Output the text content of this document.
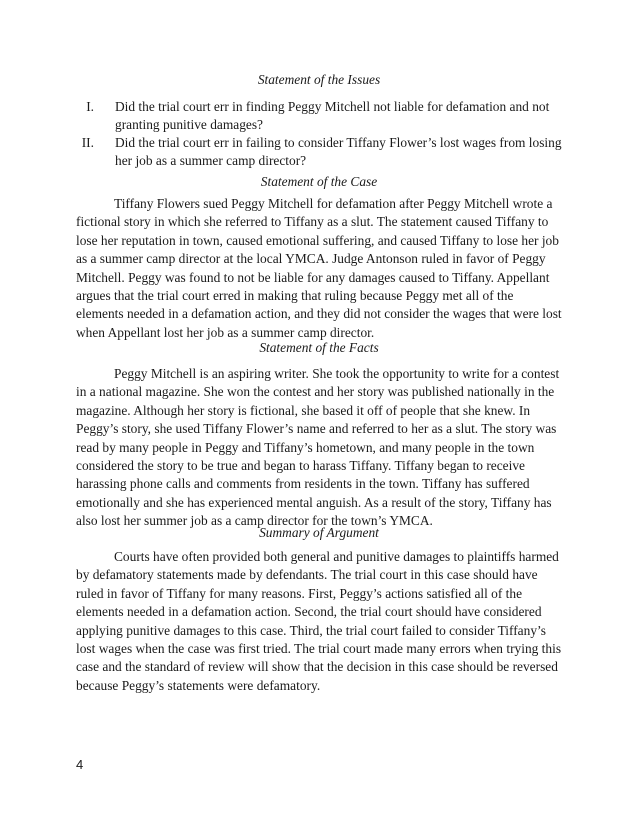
Statement of the Issues
I. Did the trial court err in finding Peggy Mitchell not liable for defamation and not granting punitive damages?
II. Did the trial court err in failing to consider Tiffany Flower’s lost wages from losing her job as a summer camp director?
Statement of the Case
Tiffany Flowers sued Peggy Mitchell for defamation after Peggy Mitchell wrote a fictional story in which she referred to Tiffany as a slut. The statement caused Tiffany to lose her reputation in town, caused emotional suffering, and caused Tiffany to lose her job as a summer camp director at the local YMCA. Judge Antonson ruled in favor of Peggy Mitchell. Peggy was found to not be liable for any damages caused to Tiffany. Appellant argues that the trial court erred in making that ruling because Peggy met all of the elements needed in a defamation action, and they did not consider the wages that were lost when Appellant lost her job as a summer camp director.
Statement of the Facts
Peggy Mitchell is an aspiring writer. She took the opportunity to write for a contest in a national magazine. She won the contest and her story was published nationally in the magazine. Although her story is fictional, she based it off of people that she knew. In Peggy’s story, she used Tiffany Flower’s name and referred to her as a slut. The story was read by many people in Peggy and Tiffany’s hometown, and many people in the town considered the story to be true and began to harass Tiffany. Tiffany began to receive harassing phone calls and comments from residents in the town. Tiffany has suffered emotionally and she has experienced mental anguish. As a result of the story, Tiffany has also lost her summer job as a camp director for the town’s YMCA.
Summary of Argument
Courts have often provided both general and punitive damages to plaintiffs harmed by defamatory statements made by defendants. The trial court in this case should have ruled in favor of Tiffany for many reasons. First, Peggy’s actions satisfied all of the elements needed in a defamation action. Second, the trial court should have considered applying punitive damages to this case. Third, the trial court failed to consider Tiffany’s lost wages when the case was first tried. The trial court made many errors when trying this case and the standard of review will show that the decision in this case should be reversed because Peggy’s statements were defamatory.
4
